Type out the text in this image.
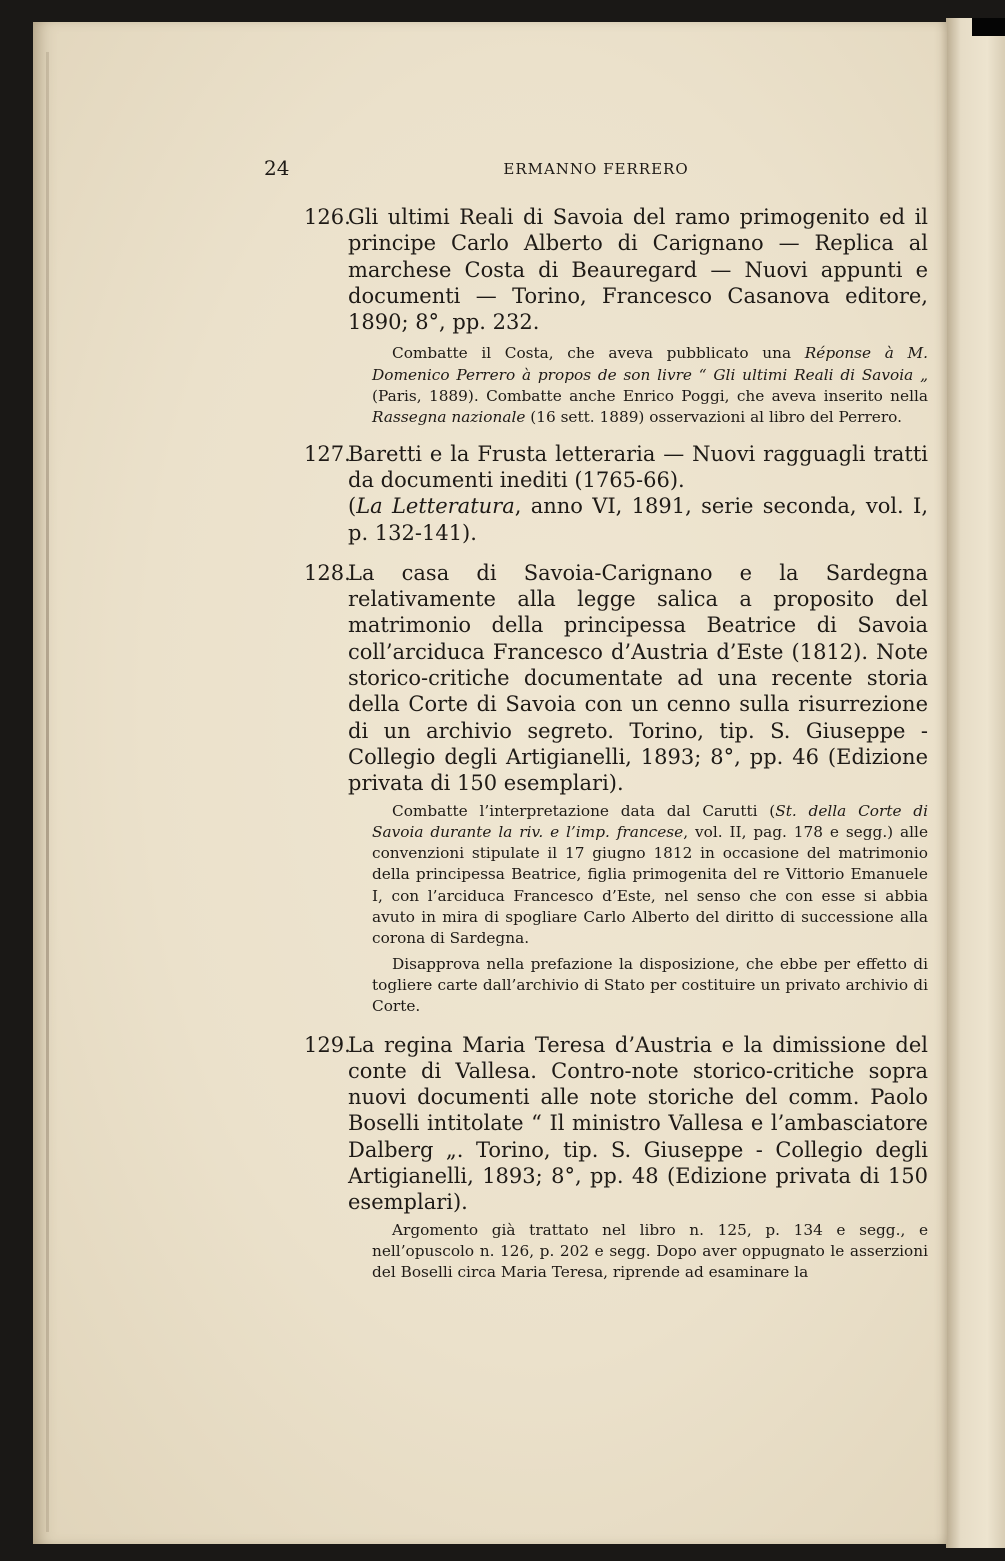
24	ERMANNO FERRERO

126.Gli ultimi Reali di Savoia del ramo primogenito ed il principe Carlo Alberto di Carignano — Replica al marchese Costa di Beauregard — Nuovi appunti e documenti — Torino, Francesco Casanova editore, 1890; 8°, pp. 232.

Combatte il Costa, che aveva pubblicato una Réponse à M. Domenico Perrero à propos de son livre “ Gli ultimi Reali di Savoia „ (Paris, 1889). Combatte anche Enrico Poggi, che aveva inserito nella Rassegna nazionale (16 sett. 1889) osservazioni al libro del Perrero.

127.Baretti e la Frusta letteraria — Nuovi ragguagli tratti da documenti inediti (1765-66).

(La Letteratura, anno VI, 1891, serie seconda, vol. I, p. 132-141).

128.La casa di Savoia-Carignano e la Sardegna relativamente alla legge salica a proposito del matrimonio della principessa Beatrice di Savoia coll’arciduca Francesco d’Austria d’Este (1812). Note storico-critiche documentate ad una recente storia della Corte di Savoia con un cenno sulla risurrezione di un archivio segreto. Torino, tip. S. Giuseppe - Collegio degli Artigianelli, 1893; 8°, pp. 46 (Edizione privata di 150 esemplari).

Combatte l’interpretazione data dal Carutti (St. della Corte di Savoia durante la riv. e l’imp. francese, vol. II, pag. 178 e segg.) alle convenzioni stipulate il 17 giugno 1812 in occasione del matrimonio della principessa Beatrice, figlia primogenita del re Vittorio Emanuele I, con l’arciduca Francesco d’Este, nel senso che con esse si abbia avuto in mira di spogliare Carlo Alberto del diritto di successione alla corona di Sardegna.

Disapprova nella prefazione la disposizione, che ebbe per effetto di togliere carte dall’archivio di Stato per costituire un privato archivio di Corte.

129.La regina Maria Teresa d’Austria e la dimissione del conte di Vallesa. Contro-note storico-critiche sopra nuovi documenti alle note storiche del comm. Paolo Boselli intitolate “ Il ministro Vallesa e l’ambasciatore Dalberg „. Torino, tip. S. Giuseppe - Collegio degli Artigianelli, 1893; 8°, pp. 48 (Edizione privata di 150 esemplari).

Argomento già trattato nel libro n. 125, p. 134 e segg., e nell’opuscolo n. 126, p. 202 e segg. Dopo aver oppugnato le asserzioni del Boselli circa Maria Teresa, riprende ad esaminare la
